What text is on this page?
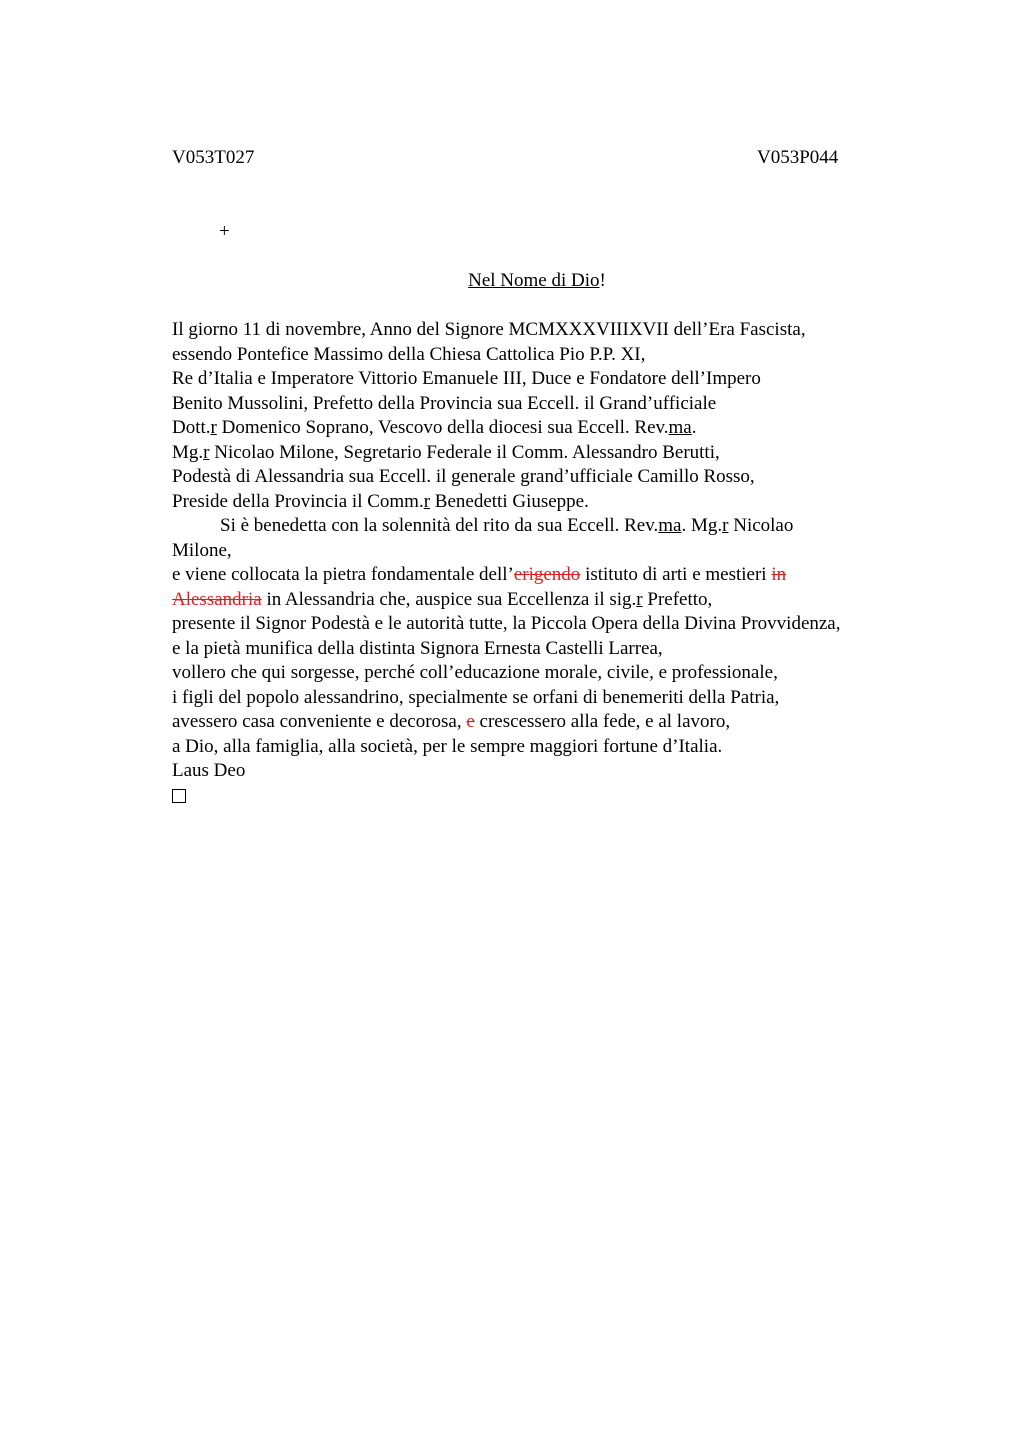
V053T027	V053P044
+
Nel Nome di Dio!
Il giorno 11 di novembre, Anno del Signore MCMXXXVIIIXVII dell’Era Fascista,
essendo Pontefice Massimo della Chiesa Cattolica Pio P.P. XI,
Re d’Italia e Imperatore Vittorio Emanuele III, Duce e Fondatore dell’Impero
Benito Mussolini, Prefetto della Provincia sua Eccell. il Grand’ufficiale
Dott.r Domenico Soprano, Vescovo della diocesi sua Eccell. Rev.ma.
Mg.r Nicolao Milone, Segretario Federale il Comm. Alessandro Berutti,
Podestà di Alessandria sua Eccell. il generale grand’ufficiale Camillo Rosso,
Preside della Provincia il Comm.r Benedetti Giuseppe.
Si è benedetta con la solennità del rito da sua Eccell. Rev.ma. Mg.r Nicolao
Milone,
e viene collocata la pietra fondamentale dell’erigendo istituto di arti e mestieri in
Alessandria in Alessandria che, auspice sua Eccellenza il sig.r Prefetto,
presente il Signor Podestà e le autorità tutte, la Piccola Opera della Divina Provvidenza,
e la pietà munifica della distinta Signora Ernesta Castelli Larrea,
vollero che qui sorgesse, perché coll’educazione morale, civile, e professionale,
i figli del popolo alessandrino, specialmente se orfani di benemeriti della Patria,
avessero casa conveniente e decorosa, e crescessero alla fede, e al lavoro,
a Dio, alla famiglia, alla società, per le sempre maggiori fortune d’Italia.
Laus Deo
